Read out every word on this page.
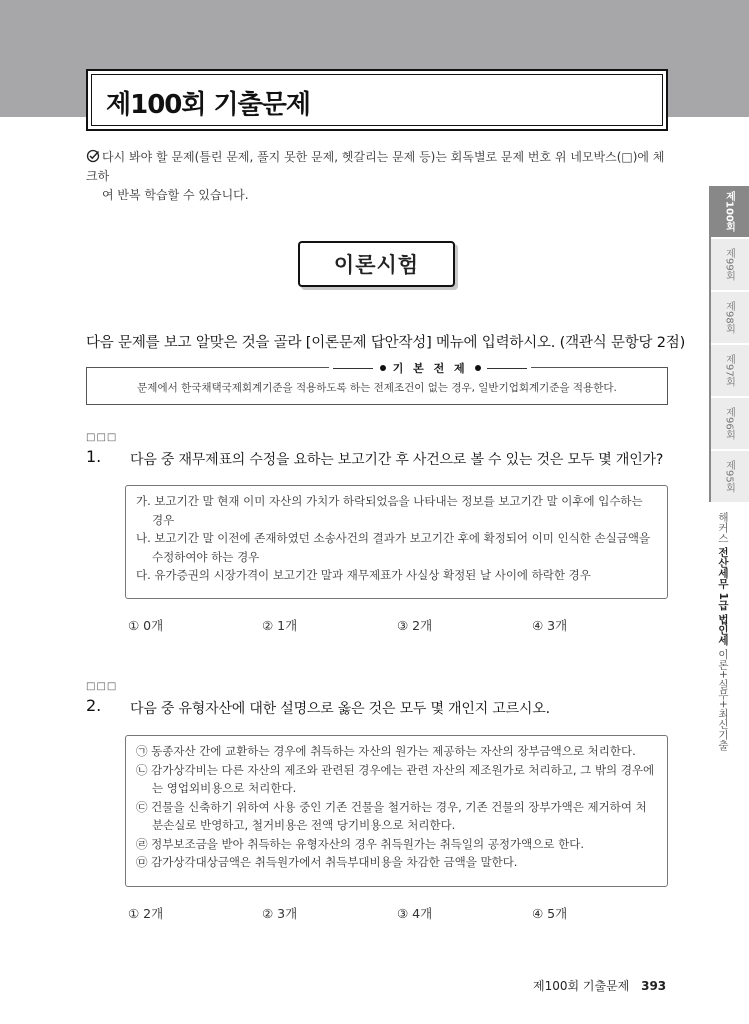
제100회 기출문제
다시 봐야 할 문제(틀린 문제, 풀지 못한 문제, 헷갈리는 문제 등)는 회독별로 문제 번호 위 네모박스(□)에 체크하
여 반복 학습할 수 있습니다.
이론시험
다음 문제를 보고 알맞은 것을 골라 [이론문제 답안작성] 메뉴에 입력하시오. (객관식 문항당 2점)
기 본 전 제
문제에서 한국채택국제회계기준을 적용하도록 하는 전제조건이 없는 경우, 일반기업회계기준을 적용한다.
□□□
1. 다음 중 재무제표의 수정을 요하는 보고기간 후 사건으로 볼 수 있는 것은 모두 몇 개인가?
가. 보고기간 말 현재 이미 자산의 가치가 하락되었음을 나타내는 정보를 보고기간 말 이후에 입수하는 경우
나. 보고기간 말 이전에 존재하였던 소송사건의 결과가 보고기간 후에 확정되어 이미 인식한 손실금액을 수정하여야 하는 경우
다. 유가증권의 시장가격이 보고기간 말과 재무제표가 사실상 확정된 날 사이에 하락한 경우
① 0개	② 1개	③ 2개	④ 3개
□□□
2. 다음 중 유형자산에 대한 설명으로 옳은 것은 모두 몇 개인지 고르시오.
㉠ 동종자산 간에 교환하는 경우에 취득하는 자산의 원가는 제공하는 자산의 장부금액으로 처리한다.
㉡ 감가상각비는 다른 자산의 제조와 관련된 경우에는 관련 자산의 제조원가로 처리하고, 그 밖의 경우에는 영업외비용으로 처리한다.
㉢ 건물을 신축하기 위하여 사용 중인 기존 건물을 철거하는 경우, 기존 건물의 장부가액은 제거하여 처분손실로 반영하고, 철거비용은 전액 당기비용으로 처리한다.
㉣ 정부보조금을 받아 취득하는 유형자산의 경우 취득원가는 취득일의 공정가액으로 한다.
㉤ 감가상각대상금액은 취득원가에서 취득부대비용을 차감한 금액을 말한다.
① 2개	② 3개	③ 4개	④ 5개
제100회
제99회
제98회
제97회
제96회
제95회
해커스 전산세무 1급 법인세 이론+실무+최신기출
제100회 기출문제 393
